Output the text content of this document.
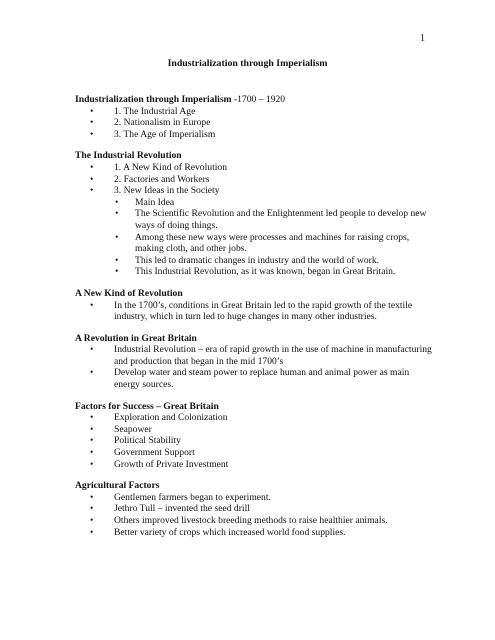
1
Industrialization through Imperialism
Industrialization through Imperialism -1700 – 1920
• 1. The Industrial Age
• 2. Nationalism in Europe
• 3. The Age of Imperialism
The Industrial Revolution
• 1. A New Kind of Revolution
• 2. Factories and Workers
• 3. New Ideas in the Society
• Main Idea
• The Scientific Revolution and the Enlightenment led people to develop new ways of doing things.
• Among these new ways were processes and machines for raising crops, making cloth, and other jobs.
• This led to dramatic changes in industry and the world of work.
• This Industrial Revolution, as it was known, began in Great Britain.
A New Kind of Revolution
• In the 1700’s, conditions in Great Britain led to the rapid growth of the textile industry, which in turn led to huge changes in many other industries.
A Revolution in Great Britain
• Industrial Revolution – era of rapid growth in the use of machine in manufacturing and production that began in the mid 1700’s
• Develop water and steam power to replace human and animal power as main energy sources.
Factors for Success – Great Britain
• Exploration and Colonization
• Seapower
• Political Stability
• Government Support
• Growth of Private Investment
Agricultural Factors
• Gentlemen farmers began to experiment.
• Jethro Tull – invented the seed drill
• Others improved livestock breeding methods to raise healthier animals.
• Better variety of crops which increased world food supplies.
